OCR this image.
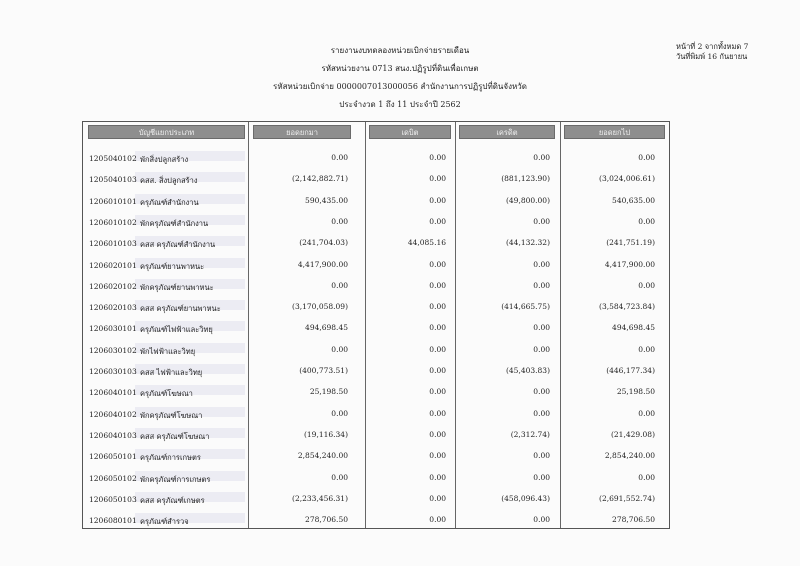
รายงานงบทดลองหน่วยเบิกจ่ายรายเดือน
รหัสหน่วยงาน 0713 สนง.ปฏิรูปที่ดินเพื่อเกษต
รหัสหน่วยเบิกจ่าย 0000007013000056 สำนักงานการปฏิรูปที่ดินจังหวัด
ประจำงวด 1 ถึง 11 ประจำปี 2562
หน้าที่ 2 จากทั้งหมด 7
วันที่พิมพ์ 16 กันยายน
บัญชีแยกประเภท	ยอดยกมา	เดบิต	เครดิต	ยอดยกไป
1205040102 พักสิ่งปลูกสร้าง	0.00	0.00	0.00	0.00
1205040103 คสส. สิ่งปลูกสร้าง	(2,142,882.71)	0.00	(881,123.90)	(3,024,006.61)
1206010101 ครุภัณฑ์สำนักงาน	590,435.00	0.00	(49,800.00)	540,635.00
1206010102 พักครุภัณฑ์สำนักงาน	0.00	0.00	0.00	0.00
1206010103 คสส ครุภัณฑ์สำนักงาน	(241,704.03)	44,085.16	(44,132.32)	(241,751.19)
1206020101 ครุภัณฑ์ยานพาหนะ	4,417,900.00	0.00	0.00	4,417,900.00
1206020102 พักครุภัณฑ์ยานพาหนะ	0.00	0.00	0.00	0.00
1206020103 คสส ครุภัณฑ์ยานพาหนะ	(3,170,058.09)	0.00	(414,665.75)	(3,584,723.84)
1206030101 ครุภัณฑ์ไฟฟ้าและวิทยุ	494,698.45	0.00	0.00	494,698.45
1206030102 พักไฟฟ้าและวิทยุ	0.00	0.00	0.00	0.00
1206030103 คสส ไฟฟ้าและวิทยุ	(400,773.51)	0.00	(45,403.83)	(446,177.34)
1206040101 ครุภัณฑ์โฆษณา	25,198.50	0.00	0.00	25,198.50
1206040102 พักครุภัณฑ์โฆษณา	0.00	0.00	0.00	0.00
1206040103 คสส ครุภัณฑ์โฆษณา	(19,116.34)	0.00	(2,312.74)	(21,429.08)
1206050101 ครุภัณฑ์การเกษตร	2,854,240.00	0.00	0.00	2,854,240.00
1206050102 พักครุภัณฑ์การเกษตร	0.00	0.00	0.00	0.00
1206050103 คสส ครุภัณฑ์เกษตร	(2,233,456.31)	0.00	(458,096.43)	(2,691,552.74)
1206080101 ครุภัณฑ์สำรวจ	278,706.50	0.00	0.00	278,706.50
